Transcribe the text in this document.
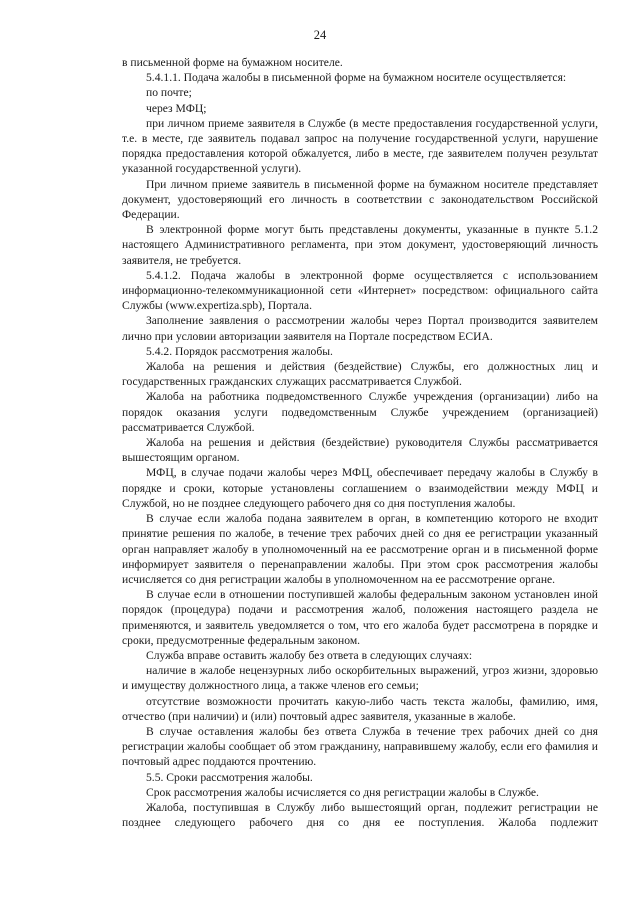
24

в письменной форме на бумажном носителе.

5.4.1.1. Подача жалобы в письменной форме на бумажном носителе осуществляется:

по почте;

через МФЦ;

при личном приеме заявителя в Службе (в месте предоставления государственной услуги, т.е. в месте, где заявитель подавал запрос на получение государственной услуги, нарушение порядка предоставления которой обжалуется, либо в месте, где заявителем получен результат указанной государственной услуги).

При личном приеме заявитель в письменной форме на бумажном носителе представляет документ, удостоверяющий его личность в соответствии с законодательством Российской Федерации.

В электронной форме могут быть представлены документы, указанные в пункте 5.1.2 настоящего Административного регламента, при этом документ, удостоверяющий личность заявителя, не требуется.

5.4.1.2. Подача жалобы в электронной форме осуществляется с использованием информационно-телекоммуникационной сети «Интернет» посредством: официального сайта Службы (www.expertiza.spb), Портала.

Заполнение заявления о рассмотрении жалобы через Портал производится заявителем лично при условии авторизации заявителя на Портале посредством ЕСИА.

5.4.2. Порядок рассмотрения жалобы.

Жалоба на решения и действия (бездействие) Службы, его должностных лиц и государственных гражданских служащих рассматривается Службой.

Жалоба на работника подведомственного Службе учреждения (организации) либо на порядок оказания услуги подведомственным Службе учреждением (организацией) рассматривается Службой.

Жалоба на решения и действия (бездействие) руководителя Службы рассматривается вышестоящим органом.

МФЦ, в случае подачи жалобы через МФЦ, обеспечивает передачу жалобы в Службу в порядке и сроки, которые установлены соглашением о взаимодействии между МФЦ и Службой, но не позднее следующего рабочего дня со дня поступления жалобы.

В случае если жалоба подана заявителем в орган, в компетенцию которого не входит принятие решения по жалобе, в течение трех рабочих дней со дня ее регистрации указанный орган направляет жалобу в уполномоченный на ее рассмотрение орган и в письменной форме информирует заявителя о перенаправлении жалобы. При этом срок рассмотрения жалобы исчисляется со дня регистрации жалобы в уполномоченном на ее рассмотрение органе.

В случае если в отношении поступившей жалобы федеральным законом установлен иной порядок (процедура) подачи и рассмотрения жалоб, положения настоящего раздела не применяются, и заявитель уведомляется о том, что его жалоба будет рассмотрена в порядке и сроки, предусмотренные федеральным законом.

Служба вправе оставить жалобу без ответа в следующих случаях:

наличие в жалобе нецензурных либо оскорбительных выражений, угроз жизни, здоровью и имуществу должностного лица, а также членов его семьи;

отсутствие возможности прочитать какую-либо часть текста жалобы, фамилию, имя, отчество (при наличии) и (или) почтовый адрес заявителя, указанные в жалобе.

В случае оставления жалобы без ответа Служба в течение трех рабочих дней со дня регистрации жалобы сообщает об этом гражданину, направившему жалобу, если его фамилия и почтовый адрес поддаются прочтению.

5.5. Сроки рассмотрения жалобы.

Срок рассмотрения жалобы исчисляется со дня регистрации жалобы в Службе.

Жалоба, поступившая в Службу либо вышестоящий орган, подлежит регистрации не позднее следующего рабочего дня со дня ее поступления. Жалоба подлежит
